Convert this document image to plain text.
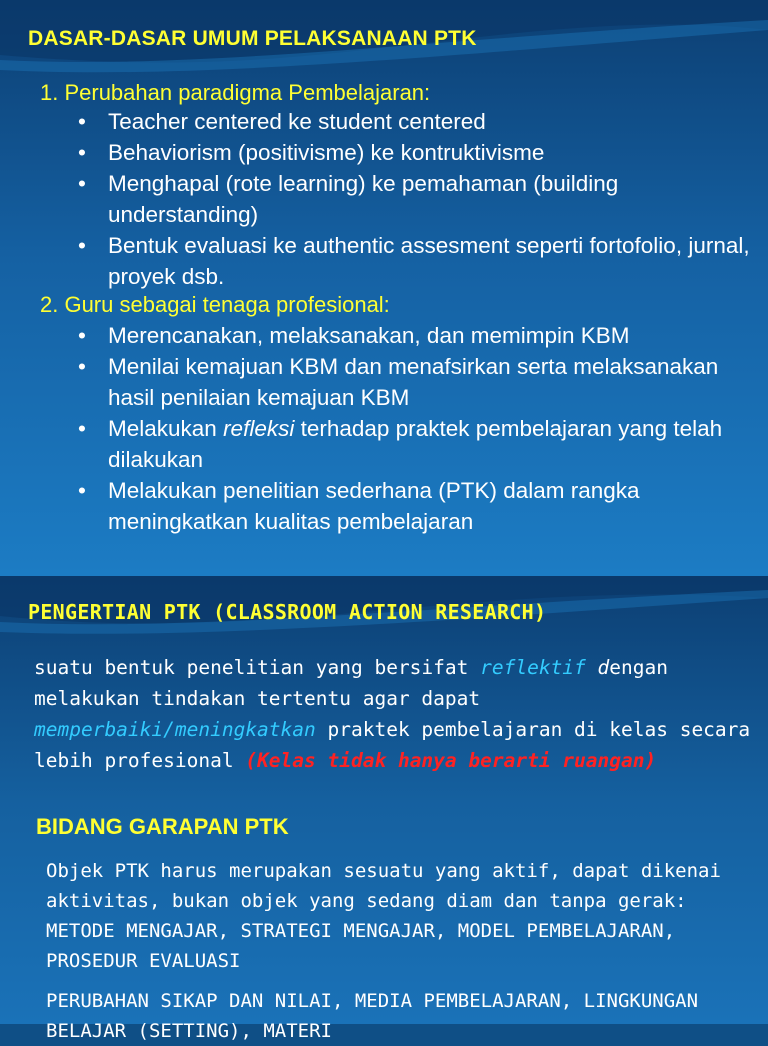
DASAR-DASAR UMUM PELAKSANAAN PTK
1. Perubahan paradigma Pembelajaran:
• Teacher centered ke student centered
• Behaviorism (positivisme) ke kontruktivisme
• Menghapal (rote learning) ke pemahaman (building understanding)
• Bentuk evaluasi ke authentic assesment seperti fortofolio, jurnal, proyek dsb.
2. Guru sebagai tenaga profesional:
• Merencanakan, melaksanakan, dan memimpin KBM
• Menilai kemajuan KBM dan menafsirkan serta melaksanakan hasil penilaian kemajuan KBM
• Melakukan refleksi terhadap praktek pembelajaran yang telah dilakukan
• Melakukan penelitian sederhana (PTK) dalam rangka meningkatkan kualitas pembelajaran
PENGERTIAN PTK (CLASSROOM ACTION RESEARCH)
suatu bentuk penelitian yang bersifat reflektif dengan melakukan tindakan tertentu agar dapat memperbaiki/meningkatkan praktek pembelajaran di kelas secara lebih profesional (Kelas tidak hanya berarti ruangan)
BIDANG GARAPAN PTK
Objek PTK harus merupakan sesuatu yang aktif, dapat dikenai aktivitas, bukan objek yang sedang diam dan tanpa gerak: METODE MENGAJAR, STRATEGI MENGAJAR, MODEL PEMBELAJARAN, PROSEDUR EVALUASI
PERUBAHAN SIKAP DAN NILAI, MEDIA PEMBELAJARAN, LINGKUNGAN BELAJAR (SETTING), MATERI
